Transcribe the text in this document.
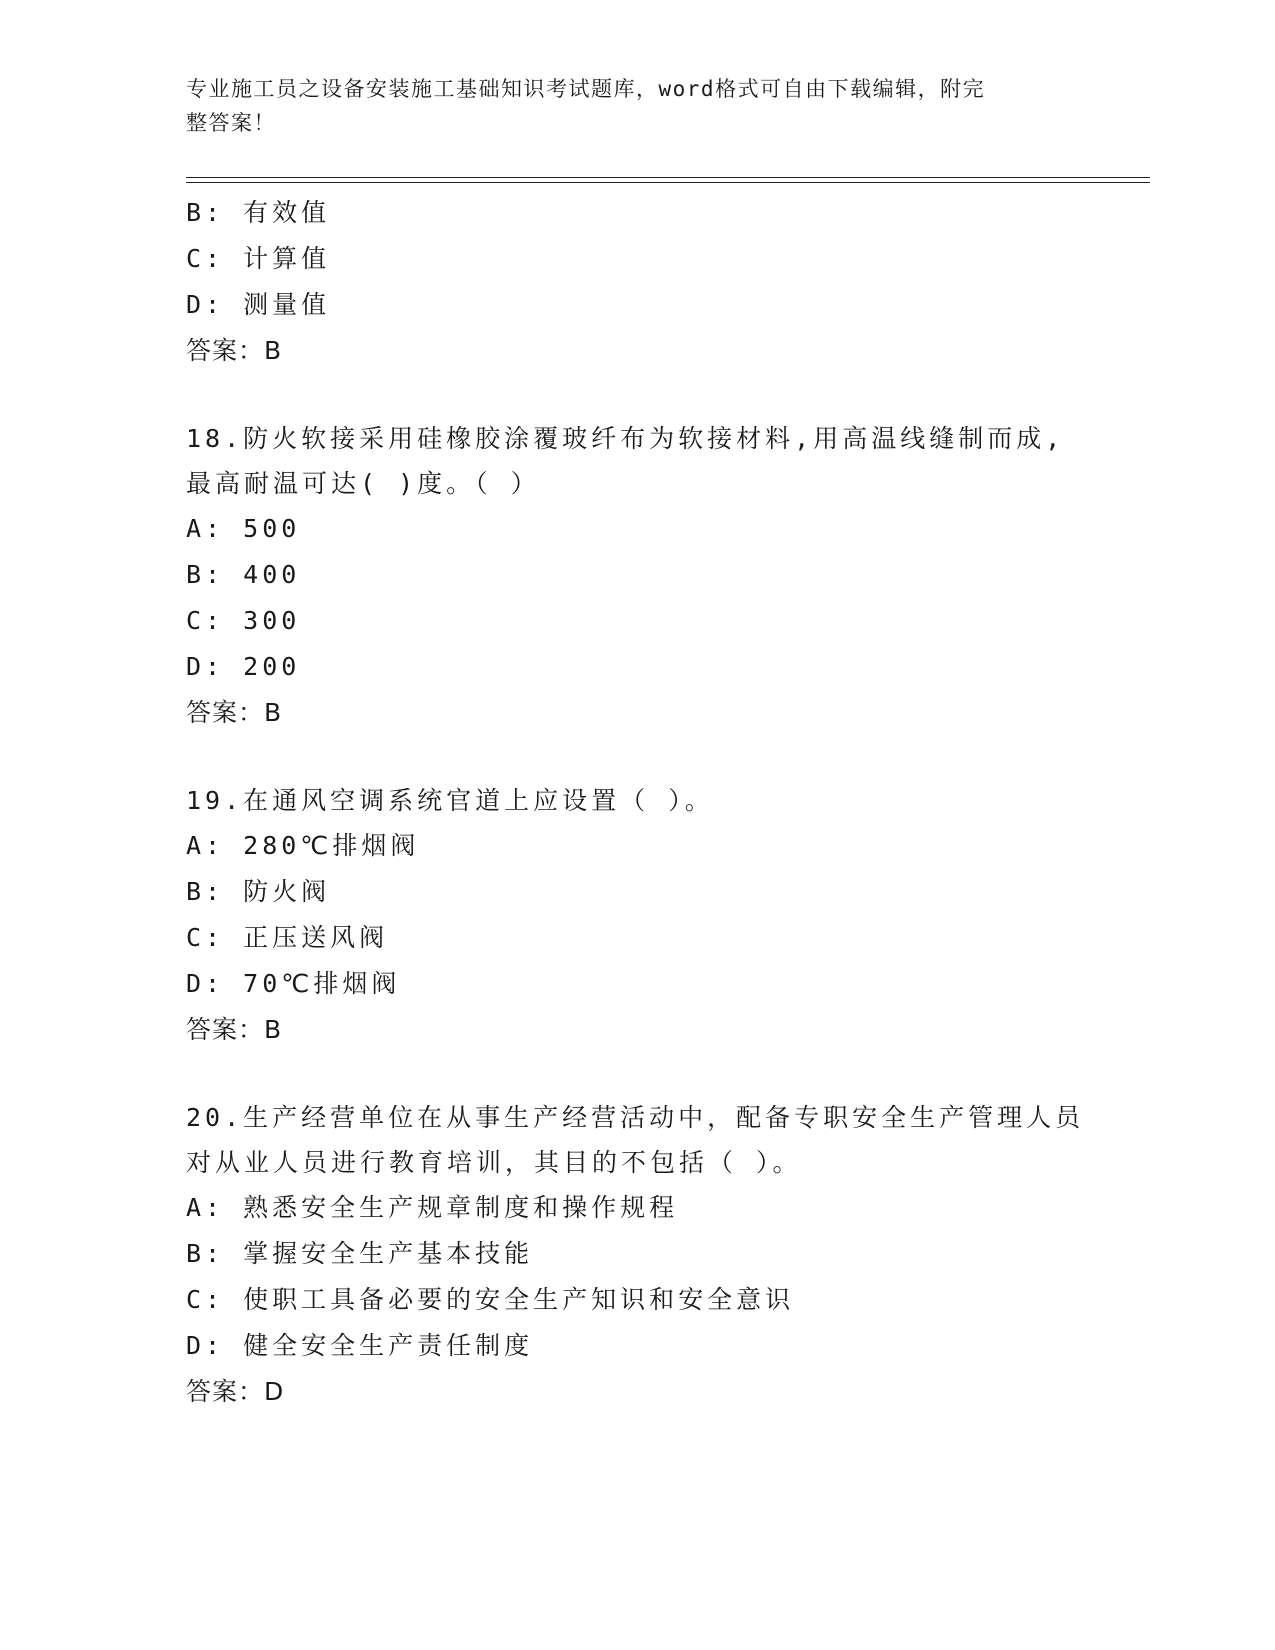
专业施工员之设备安装施工基础知识考试题库，word格式可自由下载编辑，附完
整答案！
B: 有效值
C: 计算值
D: 测量值
答案：B
18.防火软接采用硅橡胶涂覆玻纤布为软接材料,用高温线缝制而成,最高耐温可达( )度。（ ）
A: 500
B: 400
C: 300
D: 200
答案：B
19.在通风空调系统官道上应设置（ ）。
A: 280℃排烟阀
B: 防火阀
C: 正压送风阀
D: 70℃排烟阀
答案：B
20.生产经营单位在从事生产经营活动中，配备专职安全生产管理人员对从业人员进行教育培训，其目的不包括（ ）。
A: 熟悉安全生产规章制度和操作规程
B: 掌握安全生产基本技能
C: 使职工具备必要的安全生产知识和安全意识
D: 健全安全生产责任制度
答案：D
